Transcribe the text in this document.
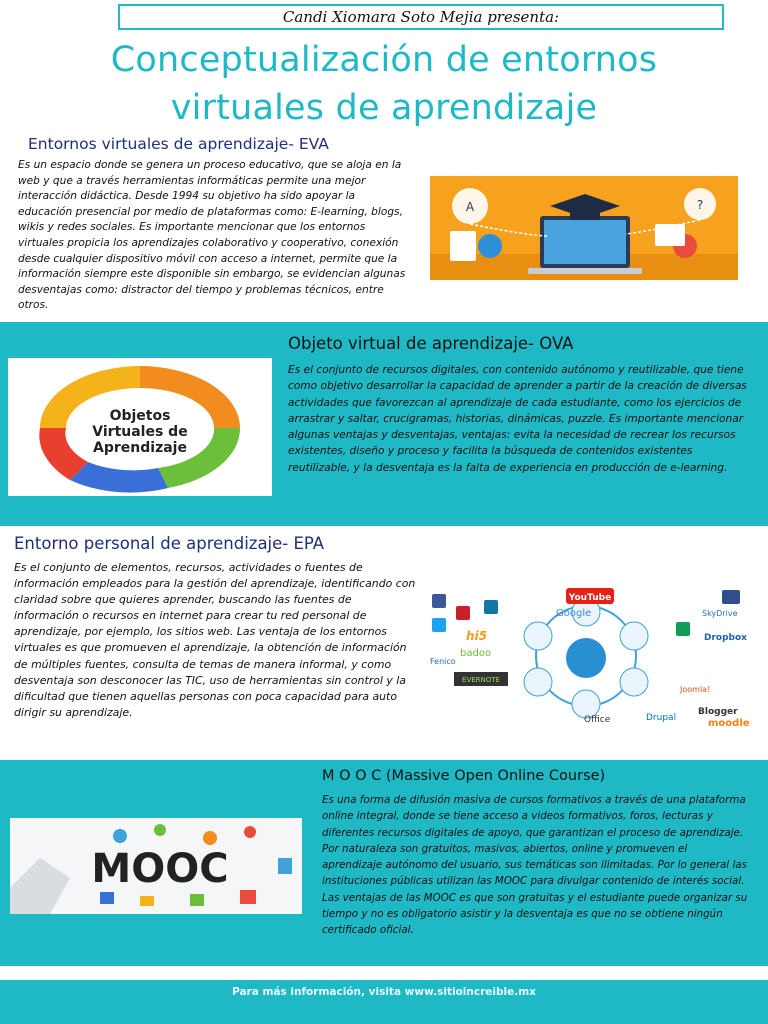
Candi Xiomara Soto Mejia presenta:
Conceptualización de entornos
virtuales de aprendizaje
Entornos virtuales de aprendizaje- EVA

Es un espacio donde se genera un proceso educativo, que se aloja en la web y que a través herramientas informáticas permite una mejor interacción didáctica. Desde 1994 su objetivo ha sido apoyar la educación presencial por medio de plataformas como: E-learning, blogs, wikis y redes sociales. Es importante mencionar que los entornos virtuales propicia los aprendizajes colaborativo y cooperativo, conexión desde cualquier dispositivo móvil con acceso a internet, permite que la información siempre este disponible sin embargo, se evidencian algunas desventajas como: distractor del tiempo y problemas técnicos, entre otros.

A	?
Objeto virtual de aprendizaje- OVA

Es el conjunto de recursos digitales, con contenido autónomo y reutilizable, que tiene como objetivo desarrollar la capacidad de aprender a partir de la creación de diversas actividades que favorezcan al aprendizaje de cada estudiante, como los ejercicios de arrastrar y saltar, crucigramas, historias, dinámicas, puzzle. Es importante mencionar algunas ventajas y desventajas, ventajas: evita la necesidad de recrear los recursos existentes, diseño y proceso y facilita la búsqueda de contenidos existentes reutilizable, y la desventaja es la falta de experiencia en producción de e-learning.

Objetos
Virtuales de
Aprendizaje
Entorno personal de aprendizaje- EPA

Es el conjunto de elementos, recursos, actividades o fuentes de información empleados para la gestión del aprendizaje, identificando con claridad sobre que quieres aprender, buscando las fuentes de información o recursos en internet para crear tu red personal de aprendizaje, por ejemplo, los sitios web. Las ventaja de los entornos virtuales es que promueven el aprendizaje, la obtención de información de múltiples fuentes, consulta de temas de manera informal, y como desventaja son desconocer las TIC, uso de herramientas sin control y la dificultad que tienen aquellas personas con poca capacidad para auto dirigir su aprendizaje.

YouTube
Google
hi5
badoo
Fenico
EVERNOTE
SkyDrive
Dropbox
Joomla!
Blogger
Drupal
Office	moodle
M O O C (Massive Open Online Course)

Es una forma de difusión masiva de cursos formativos a través de una plataforma online integral, donde se tiene acceso a videos formativos, foros, lecturas y diferentes recursos digitales de apoyo, que garantizan el proceso de aprendizaje. Por naturaleza son gratuitos, masivos, abiertos, online y promueven el aprendizaje autónomo del usuario, sus temáticas son ilimitadas. Por lo general las instituciones públicas utilizan las MOOC para divulgar contenido de interés social. Las ventajas de las MOOC es que son gratuitas y el estudiante puede organizar su tiempo y no es obligatorio asistir y la desventaja es que no se obtiene ningún certificado oficial.

MOOC
Para más información, visita www.sitioincreible.mx
